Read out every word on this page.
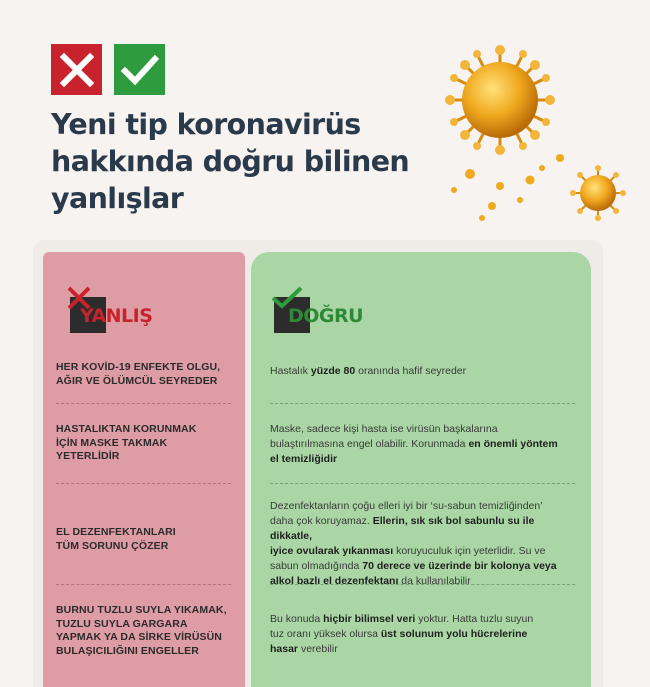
Yeni tip koronavirüs
hakkında doğru bilinen
yanlışlar
YANLIŞ	DOĞRU
HER KOVİD-19 ENFEKTE OLGU,
AĞIR VE ÖLÜMCÜL SEYREDER
HASTALIKTAN KORUNMAK
İÇİN MASKE TAKMAK
YETERLİDİR
EL DEZENFEKTANLARI
TÜM SORUNU ÇÖZER
BURNU TUZLU SUYLA YIKAMAK,
TUZLU SUYLA GARGARA
YAPMAK YA DA SİRKE VİRÜSÜN
BULAŞICILIĞINI ENGELLER
Hastalık yüzde 80 oranında hafif seyreder
Maske, sadece kişi hasta ise virüsün başkalarına
bulaştırılmasına engel olabilir. Korunmada en önemli yöntem
el temizliğidir
Dezenfektanların çoğu elleri iyi bir ‘su-sabun temizliğinden’
daha çok koruyamaz. Ellerin, sık sık bol sabunlu su ile dikkatle,
iyice ovularak yıkanması koruyuculuk için yeterlidir. Su ve
sabun olmadığında 70 derece ve üzerinde bir kolonya veya
alkol bazlı el dezenfektanı da kullanılabilir
Bu konuda hiçbir bilimsel veri yoktur. Hatta tuzlu suyun
tuz oranı yüksek olursa üst solunum yolu hücrelerine
hasar verebilir
